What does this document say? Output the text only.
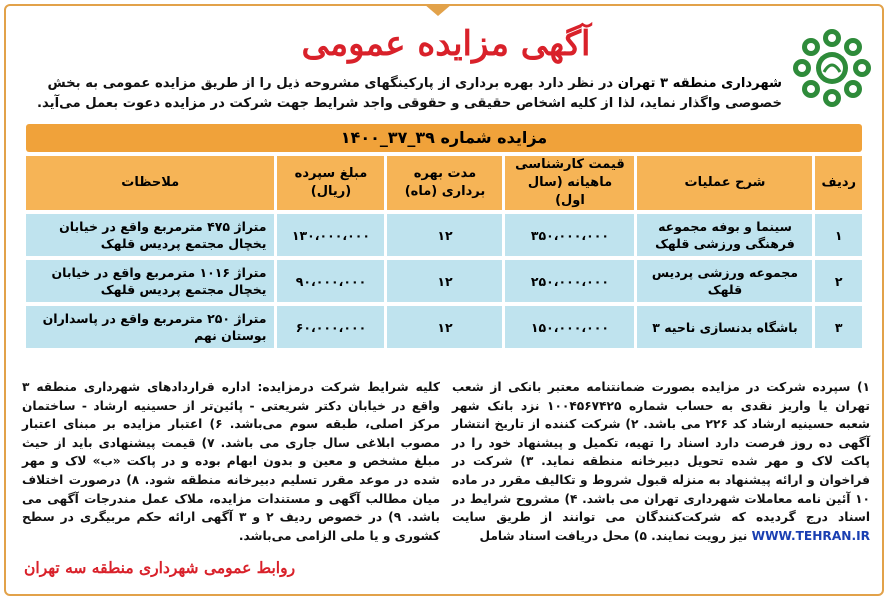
آگهی مزایده عمومی
شهرداری منطقه ۳ تهران در نظر دارد بهره برداری از پارکینگهای مشروحه ذیل را از طریق مزایده عمومی به بخش خصوصی واگذار نماید، لذا از کلیه اشخاص حقیقی و حقوقی واجد شرایط جهت شرکت در مزایده دعوت بعمل می‌آید.
مزایده شماره ۳۹_۳۷_۱۴۰۰
ردیف	شرح عملیات	قیمت کارشناسی ماهیانه (سال اول)	مدت بهره برداری (ماه)	مبلغ سپرده (ریال)	ملاحظات
۱	سینما و بوفه مجموعه فرهنگی ورزشی قلهک	۳۵۰،۰۰۰،۰۰۰	۱۲	۱۳۰،۰۰۰،۰۰۰	متراژ ۴۷۵ مترمربع واقع در خیابان یخچال مجتمع پردیس قلهک
۲	مجموعه ورزشی پردیس قلهک	۲۵۰،۰۰۰،۰۰۰	۱۲	۹۰،۰۰۰،۰۰۰	متراژ ۱۰۱۶ مترمربع واقع در خیابان یخچال مجتمع پردیس قلهک
۳	باشگاه بدنسازی ناحیه ۳	۱۵۰،۰۰۰،۰۰۰	۱۲	۶۰،۰۰۰،۰۰۰	متراژ ۲۵۰ مترمربع واقع در پاسداران بوستان نهم
۱) سپرده شرکت در مزایده بصورت ضمانتنامه معتبر بانکی از شعب تهران یا واریز نقدی به حساب شماره ۱۰۰۴۵۶۷۴۲۵ نزد بانک شهر شعبه حسینیه ارشاد کد ۲۲۶ می باشد. ۲) شرکت کننده از تاریخ انتشار آگهی ده روز فرصت دارد اسناد را تهیه، تکمیل و پیشنهاد خود را در پاکت لاک و مهر شده تحویل دبیرخانه منطقه نماید. ۳) شرکت در فراخوان و ارائه پیشنهاد به منزله قبول شروط و تکالیف مقرر در ماده ۱۰ آئین نامه معاملات شهرداری تهران می باشد. ۴) مشروح شرایط در اسناد درج گردیده که شرکت‌کنندگان می توانند از طریق سایت WWW.TEHRAN.IR نیز رویت نمایند. ۵) محل دریافت اسناد شامل
کلیه شرایط شرکت درمزایده: اداره قراردادهای شهرداری منطقه ۳ واقع در خیابان دکتر شریعتی - پائین‌تر از حسینیه ارشاد - ساختمان مرکز اصلی، طبقه سوم می‌باشد. ۶) اعتبار مزایده بر مبنای اعتبار مصوب ابلاغی سال جاری می باشد. ۷) قیمت پیشنهادی باید از حیث مبلغ مشخص و معین و بدون ابهام بوده و در پاکت «ب» لاک و مهر شده در موعد مقرر تسلیم دبیرخانه منطقه شود. ۸) درصورت اختلاف میان مطالب آگهی و مستندات مزایده، ملاک عمل مندرجات آگهی می باشد. ۹) در خصوص ردیف ۲ و ۳ آگهی ارائه حکم مربیگری در سطح کشوری و یا ملی الزامی می‌باشد.
روابط عمومی شهرداری منطقه سه تهران
